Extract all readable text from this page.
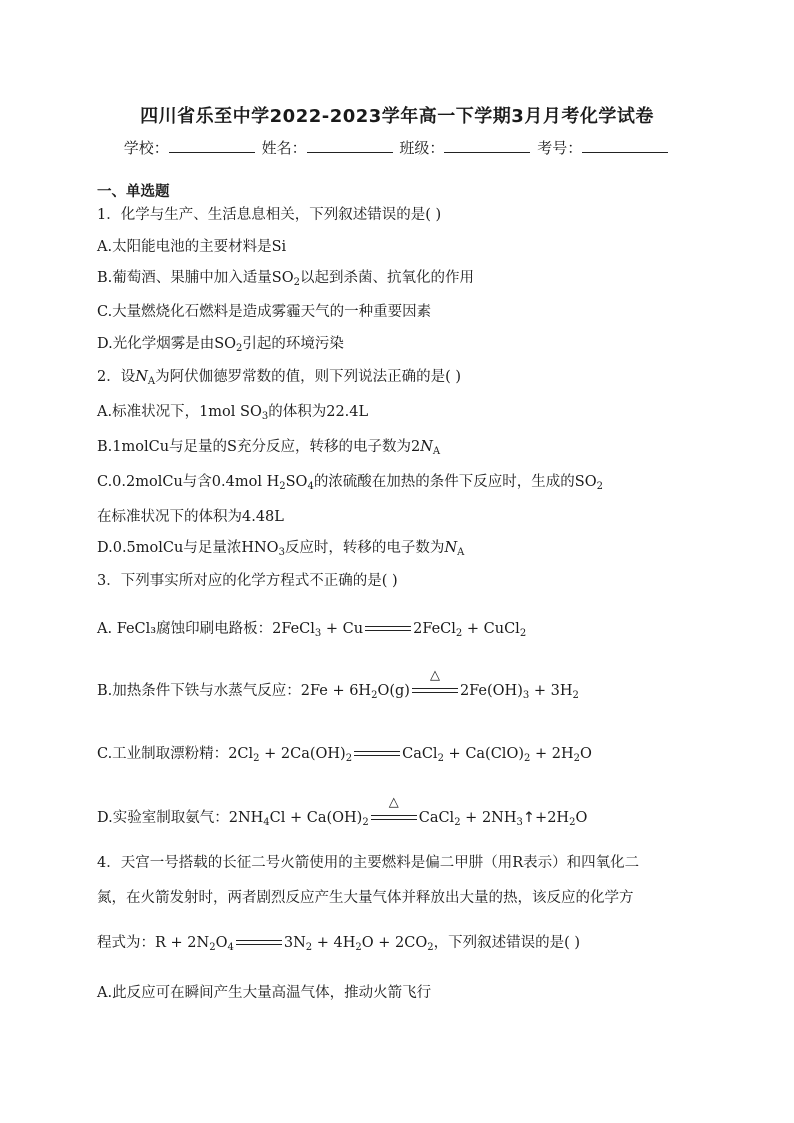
四川省乐至中学2022-2023学年高一下学期3月月考化学试卷
学校：	姓名：	班级：	考号：
一、单选题
1．化学与生产、生活息息相关，下列叙述错误的是( )
A.太阳能电池的主要材料是Si
B.葡萄酒、果脯中加入适量$SO_2$以起到杀菌、抗氧化的作用
C.大量燃烧化石燃料是造成雾霾天气的一种重要因素
D.光化学烟雾是由$SO_2$引起的环境污染
2．设$N_A$为阿伏伽德罗常数的值，则下列说法正确的是( )
A.标准状况下，1mol $SO_3$的体积为22.4L
B.1molCu与足量的S充分反应，转移的电子数为$2N_A$
C.0.2molCu与含0.4mol $H_2SO_4$的浓硫酸在加热的条件下反应时，生成的$SO_2$
在标准状况下的体积为4.48L
D.0.5molCu与足量浓$HNO_3$反应时，转移的电子数为$N_A$
3．下列事实所对应的化学方程式不正确的是( )
A. FeCl₃腐蚀印刷电路板：2FeCl$_3$ + Cu	2FeCl$_2$ + CuCl$_2$
B.加热条件下铁与水蒸气反应：$2Fe + 6H_2O(g)$
△
$2Fe(OH)_3 + 3H_2$
C.工业制取漂粉精：$2Cl_2 + 2Ca(OH)_2$	CaCl$_2$ + $Ca(ClO)_2 + 2H_2O$
D.实验室制取氨气：$2NH_4Cl + Ca(OH)_2$
△
CaCl$_2$ + $2NH_3↑+2H_2O$
4．天宫一号搭载的长征二号火箭使用的主要燃料是偏二甲肼（用R表示）和四氧化二
氮，在火箭发射时，两者剧烈反应产生大量气体并释放出大量的热，该反应的化学方
程式为：$R + 2N_2O_4$	$3N_2 + 4H_2O + 2CO_2$，下列叙述错误的是( )
A.此反应可在瞬间产生大量高温气体，推动火箭飞行
